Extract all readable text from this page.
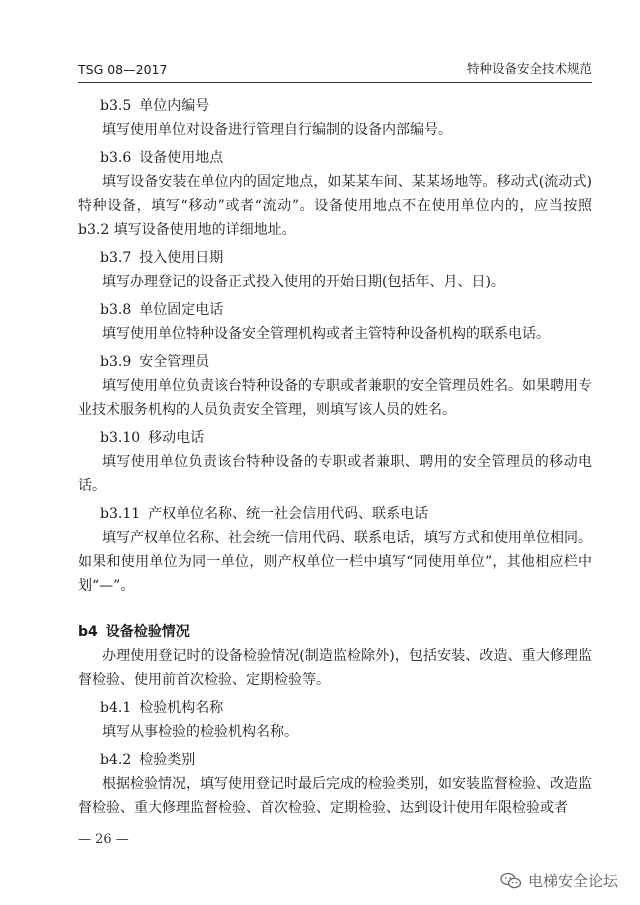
TSG 08—2017	特种设备安全技术规范
b3.5 单位内编号

填写使用单位对设备进行管理自行编制的设备内部编号。

b3.6 设备使用地点

填写设备安装在单位内的固定地点，如某某车间、某某场地等。移动式(流动式)特种设备，填写“移动”或者“流动”。设备使用地点不在使用单位内的，应当按照 b3.2 填写设备使用地的详细地址。

b3.7 投入使用日期

填写办理登记的设备正式投入使用的开始日期(包括年、月、日)。

b3.8 单位固定电话

填写使用单位特种设备安全管理机构或者主管特种设备机构的联系电话。

b3.9 安全管理员

填写使用单位负责该台特种设备的专职或者兼职的安全管理员姓名。如果聘用专业技术服务机构的人员负责安全管理，则填写该人员的姓名。

b3.10 移动电话

填写使用单位负责该台特种设备的专职或者兼职、聘用的安全管理员的移动电话。

b3.11 产权单位名称、统一社会信用代码、联系电话

填写产权单位名称、社会统一信用代码、联系电话，填写方式和使用单位相同。如果和使用单位为同一单位，则产权单位一栏中填写“同使用单位”，其他相应栏中划“—”。

b4 设备检验情况

办理使用登记时的设备检验情况(制造监检除外)，包括安装、改造、重大修理监督检验、使用前首次检验、定期检验等。

b4.1 检验机构名称

填写从事检验的检验机构名称。

b4.2 检验类别

根据检验情况，填写使用登记时最后完成的检验类别，如安装监督检验、改造监督检验、重大修理监督检验、首次检验、定期检验、达到设计使用年限检验或者

— 26 —
电梯安全论坛
